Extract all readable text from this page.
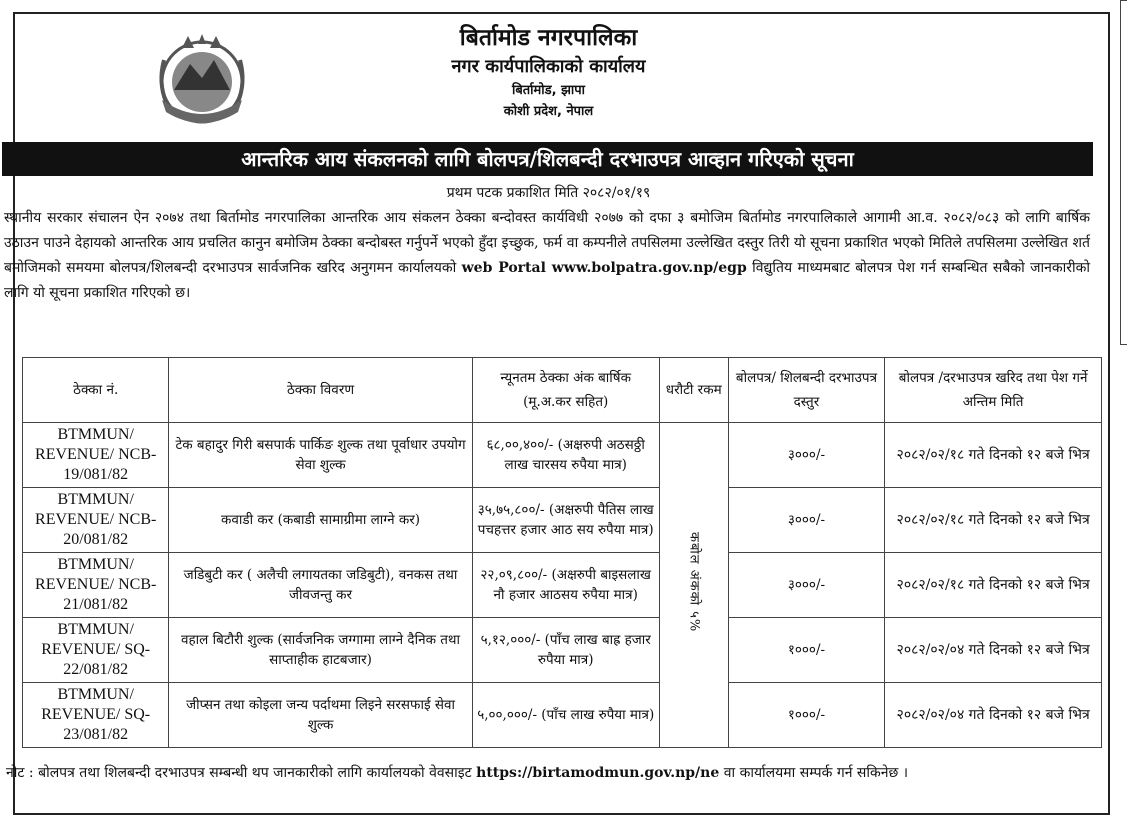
बिर्तामोड नगरपालिका
नगर कार्यपालिकाको कार्यालय
बिर्तामोड, झापा
कोशी प्रदेश, नेपाल
आन्तरिक आय संकलनको लागि बोलपत्र/शिलबन्दी दरभाउपत्र आव्हान गरिएको सूचना
प्रथम पटक प्रकाशित मिति २०८२/०१/१९
स्थानीय सरकार संचालन ऐन २०७४ तथा बिर्तामोड नगरपालिका आन्तरिक आय संकलन ठेक्का बन्दोवस्त कार्यविधी २०७७ को दफा ३ बमोजिम बिर्तामोड नगरपालिकाले आगामी आ.व. २०८२/०८३ को लागि बार्षिक उठाउन पाउने देहायको आन्तरिक आय प्रचलित कानुन बमोजिम ठेक्का बन्दोबस्त गर्नुपर्ने भएको हुँदा इच्छुक, फर्म वा कम्पनीले तपसिलमा उल्लेखित दस्तुर तिरी यो सूचना प्रकाशित भएको मितिले तपसिलमा उल्लेखित शर्त बमोजिमको समयमा बोलपत्र/शिलबन्दी दरभाउपत्र सार्वजनिक खरिद अनुगमन कार्यालयको web Portal www.bolpatra.gov.np/egp विद्युतिय माध्यमबाट बोलपत्र पेश गर्न सम्बन्धित सबैको जानकारीको लागि यो सूचना प्रकाशित गरिएको छ।
ठेक्का नं.	ठेक्का विवरण	न्यूनतम ठेक्का अंक बार्षिक (मू.अ.कर सहित)	धरौटी रकम	बोलपत्र/ शिलबन्दी दरभाउपत्र दस्तुर	बोलपत्र /दरभाउपत्र खरिद तथा पेश गर्ने अन्तिम मिति
BTMMUN/ REVENUE/ NCB-19/081/82	टेक बहादुर गिरी बसपार्क पार्किङ शुल्क तथा पूर्वाधार उपयोग सेवा शुल्क	६८,००,४००/- (अक्षरुपी अठसठ्ठी लाख चारसय रुपैया मात्र)	कबोल अंकको ५%	३०००/-	२०८२/०२/१८ गते दिनको १२ बजे भित्र
BTMMUN/ REVENUE/ NCB-20/081/82	कवाडी कर (कबाडी सामाग्रीमा लाग्ने कर)	३५,७५,८००/- (अक्षरुपी पैतिस लाख पचहत्तर हजार आठ सय रुपैया मात्र)		३०००/-	२०८२/०२/१८ गते दिनको १२ बजे भित्र
BTMMUN/ REVENUE/ NCB-21/081/82	जडिबुटी कर ( अलैची लगायतका जडिबुटी), वनकस तथा जीवजन्तु कर	२२,०९,८००/- (अक्षरुपी बाइसलाख नौ हजार आठसय रुपैया मात्र)		३०००/-	२०८२/०२/१८ गते दिनको १२ बजे भित्र
BTMMUN/ REVENUE/ SQ-22/081/82	वहाल बिटौरी शुल्क (सार्वजनिक जग्गामा लाग्ने दैनिक तथा साप्ताहीक हाटबजार)	५,१२,०००/- (पाँच लाख बाह्र हजार रुपैया मात्र)		१०००/-	२०८२/०२/०४ गते दिनको १२ बजे भित्र
BTMMUN/ REVENUE/ SQ-23/081/82	जीप्सन तथा कोइला जन्य पर्दाथमा लिइने सरसफाई सेवा शुल्क	५,००,०००/- (पाँच लाख रुपैया मात्र)		१०००/-	२०८२/०२/०४ गते दिनको १२ बजे भित्र
नोट : बोलपत्र तथा शिलबन्दी दरभाउपत्र सम्बन्धी थप जानकारीको लागि कार्यालयको वेवसाइट https://birtamodmun.gov.np/ne वा कार्यालयमा सम्पर्क गर्न सकिनेछ ।
